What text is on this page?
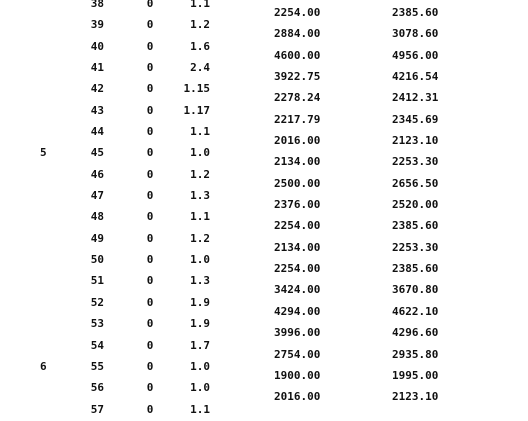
38	0	1.1
39	0	1.2
40	0	1.6
41	0	2.4
42	0	1.15
43	0	1.17
44	0	1.1
5	45	0	1.0
46	0	1.2
47	0	1.3
48	0	1.1
49	0	1.2
50	0	1.0
51	0	1.3
52	0	1.9
53	0	1.9
54	0	1.7
6	55	0	1.0
56	0	1.0
57	0	1.1
2254.00	2385.60
2884.00	3078.60
4600.00	4956.00
3922.75	4216.54
2278.24	2412.31
2217.79	2345.69
2016.00	2123.10
2134.00	2253.30
2500.00	2656.50
2376.00	2520.00
2254.00	2385.60
2134.00	2253.30
2254.00	2385.60
3424.00	3670.80
4294.00	4622.10
3996.00	4296.60
2754.00	2935.80
1900.00	1995.00
2016.00	2123.10
